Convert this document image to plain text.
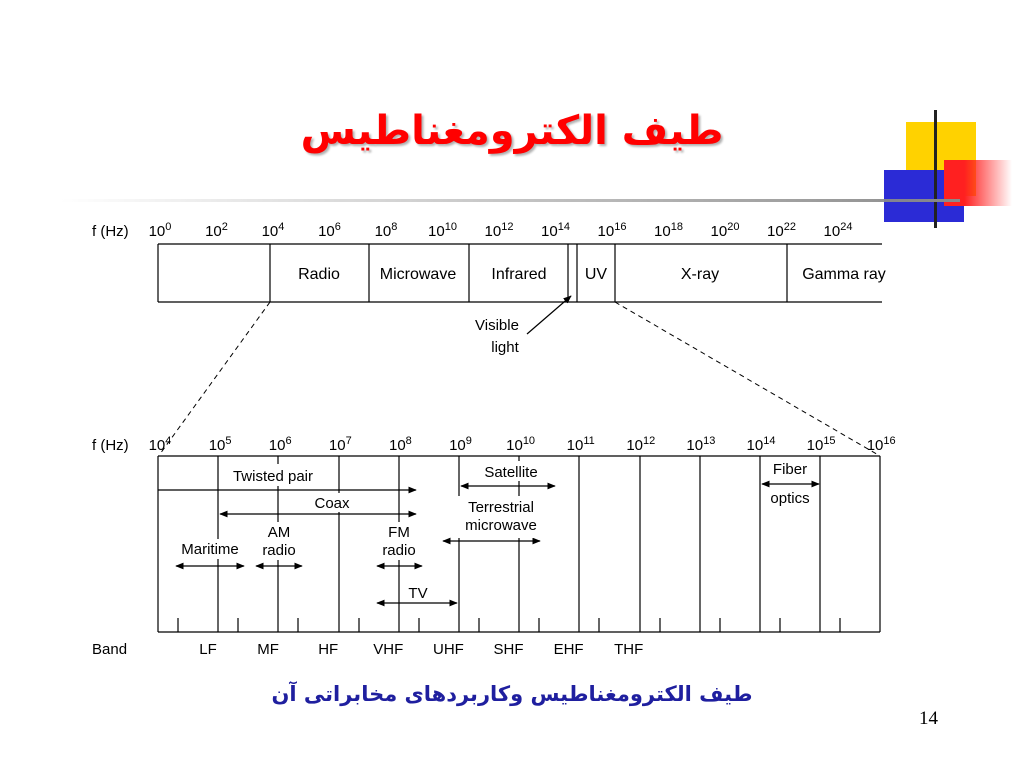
طیف الکترومغناطیس
f (Hz) $10^0$ $10^2$ $10^4$ $10^6$ $10^8$ $10^{10}$ $10^{12}$ $10^{14}$ $10^{16}$ $10^{18}$ $10^{20}$ $10^{22}$ $10^{24}$
Radio Microwave Infrared UV	X-ray	Gamma ray
Visible
light
f (Hz) $10^4$ $10^5$ $10^6$ $10^7$ $10^8$ $10^9$ $10^{10}$ $10^{11}$ $10^{12}$ $10^{13}$ $10^{14}$ $10^{15}$ $10^{16}$
Twisted pair
Coax
Satellite
Terrestrial
microwave
Fiber
optics
Maritime
AM
radio
FM
radio
TV
Band	LF	MF	HF VHF UHF SHF EHF THF

طیف الکترومغناطیس وکاربردهای مخابراتی آن

14
